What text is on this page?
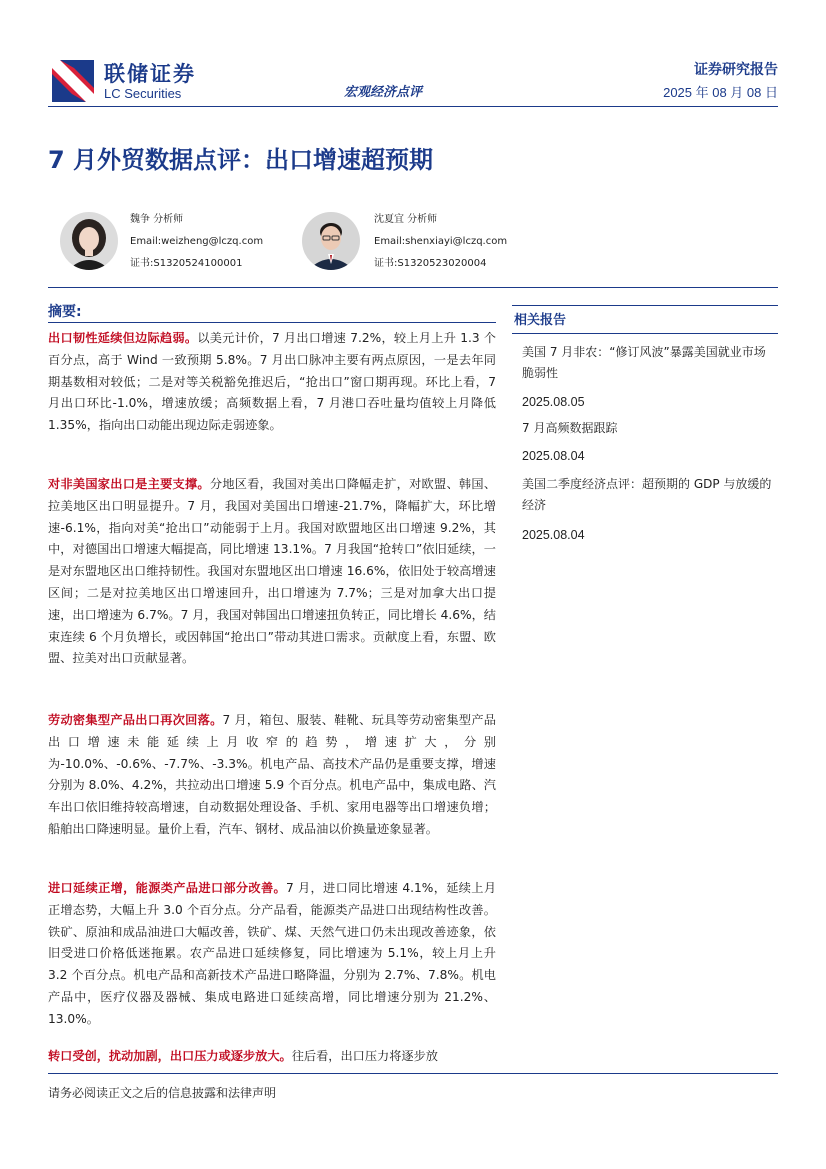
联储证券
LC Securities
证券研究报告
宏观经济点评	2025 年 08 月 08 日
7 月外贸数据点评：出口增速超预期
魏争 分析师
Email:weizheng@lczq.com
证书:S1320524100001
沈夏宜 分析师
Email:shenxiayi@lczq.com
证书:S1320523020004
摘要:
出口韧性延续但边际趋弱。以美元计价，7 月出口增速 7.2%，较上月上升 1.3 个百分点，高于 Wind 一致预期 5.8%。7 月出口脉冲主要有两点原因，一是去年同期基数相对较低；二是对等关税豁免推迟后，“抢出口”窗口期再现。环比上看，7 月出口环比-1.0%，增速放缓；高频数据上看，7 月港口吞吐量均值较上月降低 1.35%，指向出口动能出现边际走弱迹象。
对非美国家出口是主要支撑。分地区看，我国对美出口降幅走扩，对欧盟、韩国、拉美地区出口明显提升。7 月，我国对美国出口增速-21.7%，降幅扩大，环比增速-6.1%，指向对美“抢出口”动能弱于上月。我国对欧盟地区出口增速 9.2%，其中，对德国出口增速大幅提高，同比增速 13.1%。7 月我国“抢转口”依旧延续，一是对东盟地区出口维持韧性。我国对东盟地区出口增速 16.6%，依旧处于较高增速区间；二是对拉美地区出口增速回升，出口增速为 7.7%；三是对加拿大出口提速，出口增速为 6.7%。7 月，我国对韩国出口增速扭负转正，同比增长 4.6%，结束连续 6 个月负增长，或因韩国“抢出口”带动其进口需求。贡献度上看，东盟、欧盟、拉美对出口贡献显著。
劳动密集型产品出口再次回落。7 月，箱包、服装、鞋靴、玩具等劳动密集型产品出口增速未能延续上月收窄的趋势，增速扩大，分别为-10.0%、-0.6%、-7.7%、-3.3%。机电产品、高技术产品仍是重要支撑，增速分别为 8.0%、4.2%，共拉动出口增速 5.9 个百分点。机电产品中，集成电路、汽车出口依旧维持较高增速，自动数据处理设备、手机、家用电器等出口增速负增；船舶出口降速明显。量价上看，汽车、钢材、成品油以价换量迹象显著。
进口延续正增，能源类产品进口部分改善。7 月，进口同比增速 4.1%，延续上月正增态势，大幅上升 3.0 个百分点。分产品看，能源类产品进口出现结构性改善。铁矿、原油和成品油进口大幅改善，铁矿、煤、天然气进口仍未出现改善迹象，依旧受进口价格低迷拖累。农产品进口延续修复，同比增速为 5.1%，较上月上升 3.2 个百分点。机电产品和高新技术产品进口略降温，分别为 2.7%、7.8%。机电产品中，医疗仪器及器械、集成电路进口延续高增，同比增速分别为 21.2%、13.0%。
转口受创，扰动加剧，出口压力或逐步放大。往后看，出口压力将逐步放
相关报告
美国 7 月非农：“修订风波”暴露美国就业市场脆弱性
2025.08.05
7 月高频数据跟踪
2025.08.04
美国二季度经济点评：超预期的 GDP 与放缓的经济
2025.08.04
请务必阅读正文之后的信息披露和法律声明
